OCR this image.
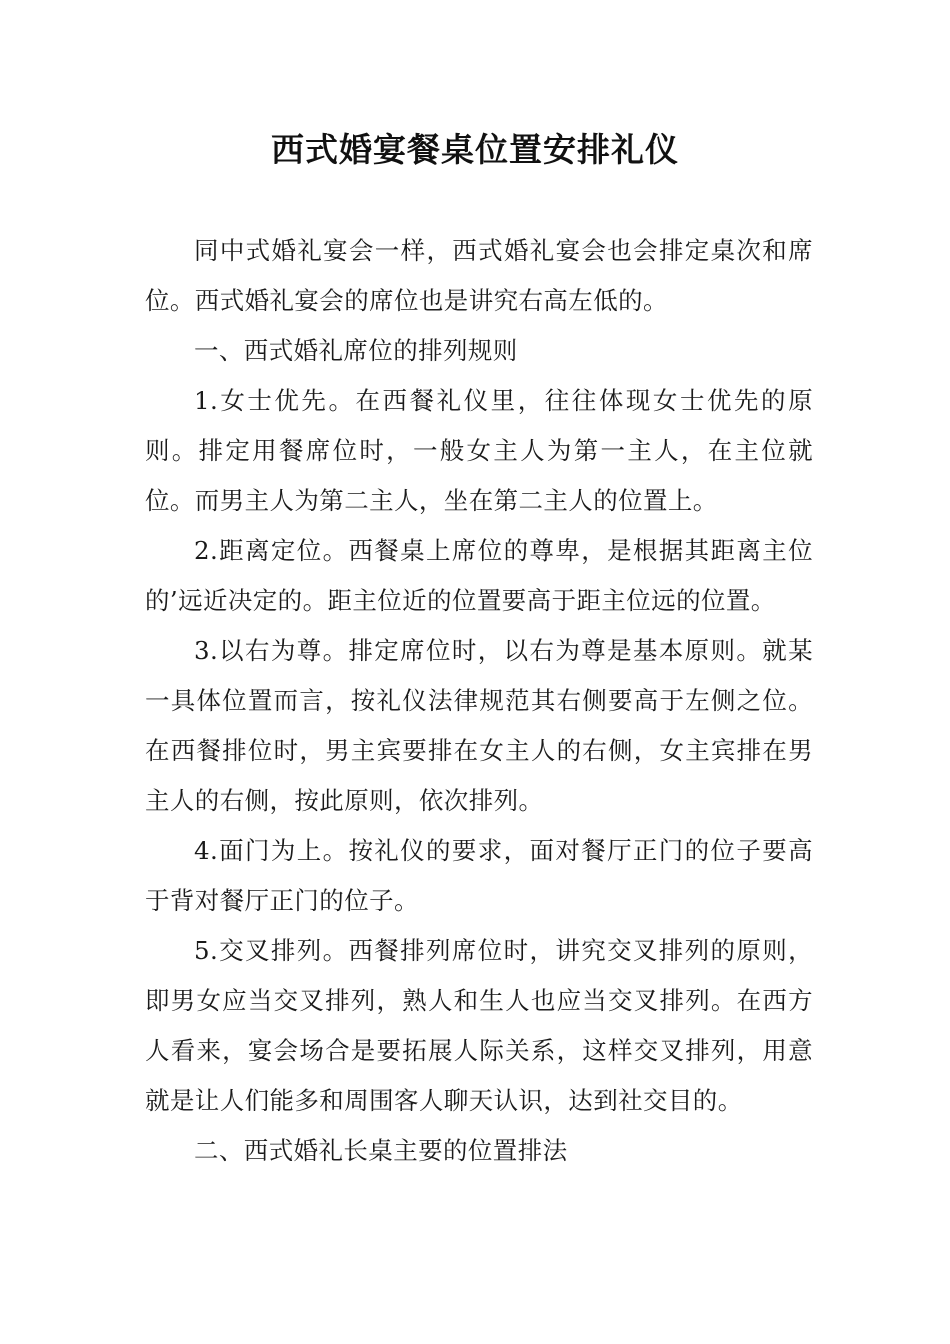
西式婚宴餐桌位置安排礼仪

同中式婚礼宴会一样，西式婚礼宴会也会排定桌次和席位。西式婚礼宴会的席位也是讲究右高左低的。

一、西式婚礼席位的排列规则

1.女士优先。在西餐礼仪里，往往体现女士优先的原则。排定用餐席位时，一般女主人为第一主人，在主位就位。而男主人为第二主人，坐在第二主人的位置上。

2.距离定位。西餐桌上席位的尊卑，是根据其距离主位的’远近决定的。距主位近的位置要高于距主位远的位置。

3.以右为尊。排定席位时，以右为尊是基本原则。就某一具体位置而言，按礼仪法律规范其右侧要高于左侧之位。在西餐排位时，男主宾要排在女主人的右侧，女主宾排在男主人的右侧，按此原则，依次排列。

4.面门为上。按礼仪的要求，面对餐厅正门的位子要高于背对餐厅正门的位子。

5.交叉排列。西餐排列席位时，讲究交叉排列的原则，即男女应当交叉排列，熟人和生人也应当交叉排列。在西方人看来，宴会场合是要拓展人际关系，这样交叉排列，用意就是让人们能多和周围客人聊天认识，达到社交目的。

二、西式婚礼长桌主要的位置排法
